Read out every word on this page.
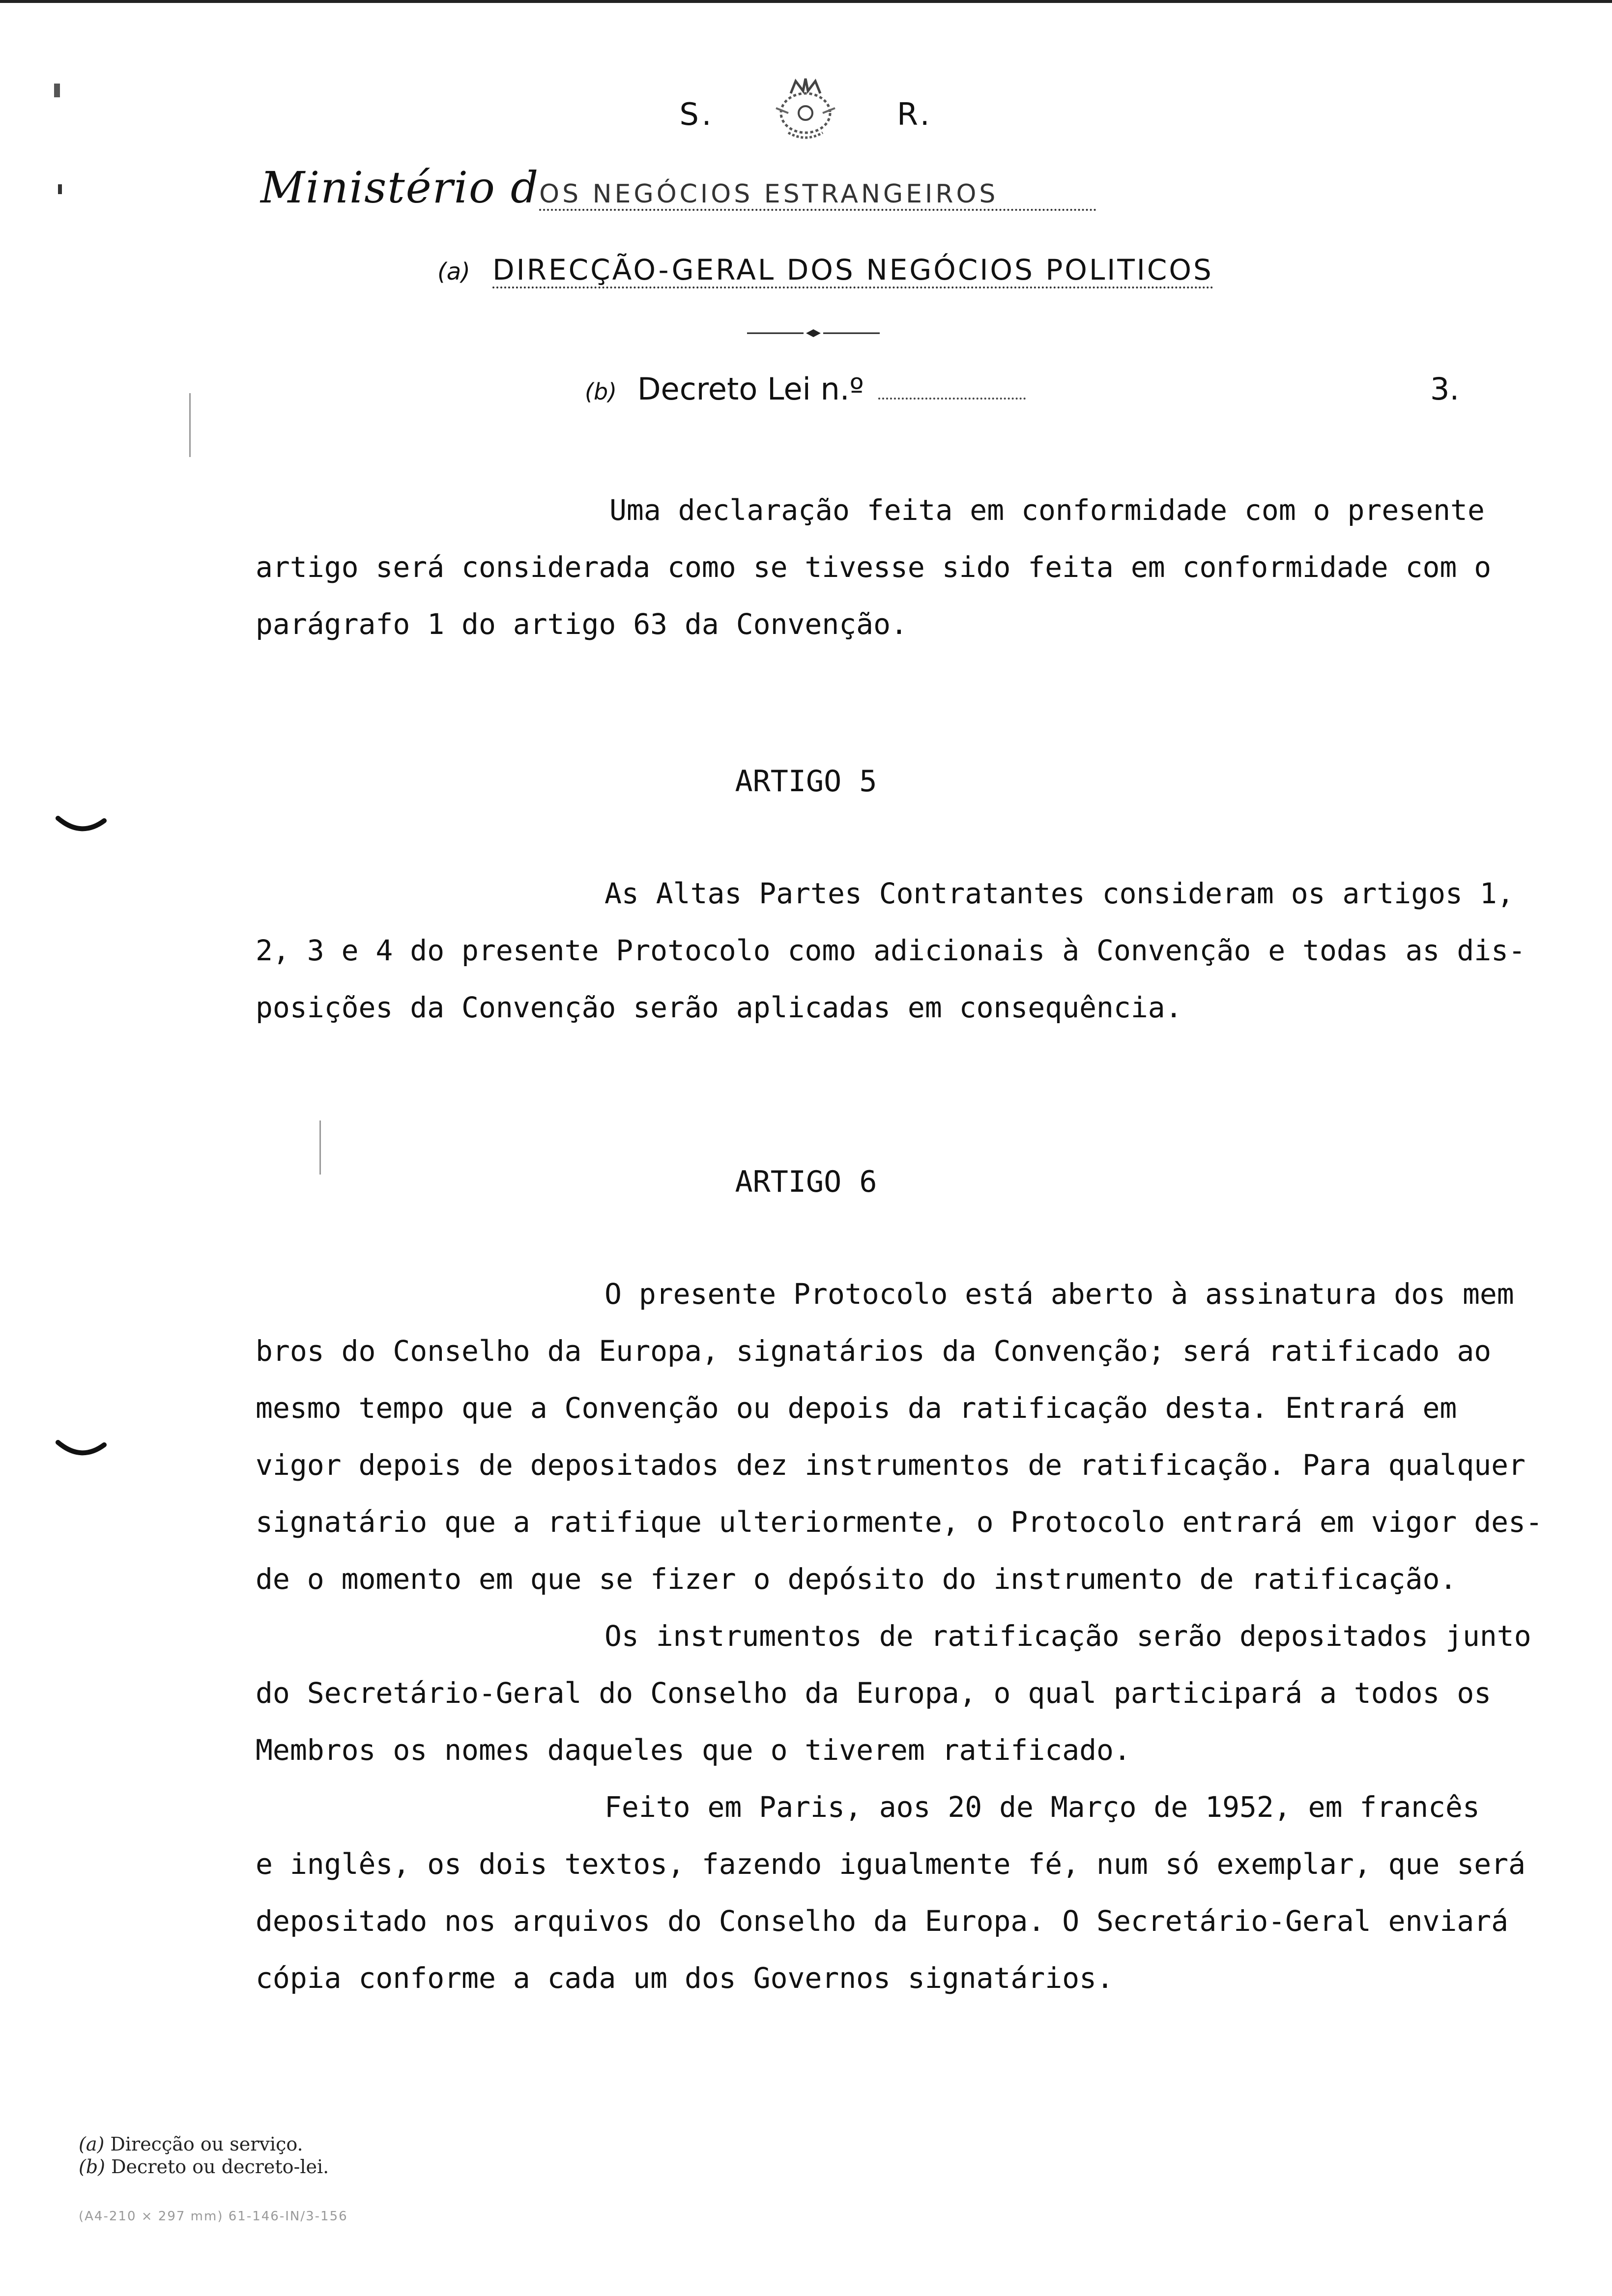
S.	R.
Ministério dOS NEGÓCIOS ESTRANGEIROS
(a) DIRECÇÃO-GERAL DOS NEGÓCIOS POLITICOS
(b) Decreto Lei n.º	3.
Uma declaração feita em conformidade com o presente
artigo será considerada como se tivesse sido feita em conformidade com o
parágrafo 1 do artigo 63 da Convenção.
ARTIGO 5
As Altas Partes Contratantes consideram os artigos 1,
2, 3 e 4 do presente Protocolo como adicionais à Convenção e todas as dis-
posições da Convenção serão aplicadas em consequência.
ARTIGO 6
O presente Protocolo está aberto à assinatura dos mem
bros do Conselho da Europa, signatários da Convenção; será ratificado ao
mesmo tempo que a Convenção ou depois da ratificação desta. Entrará em
vigor depois de depositados dez instrumentos de ratificação. Para qualquer
signatário que a ratifique ulteriormente, o Protocolo entrará em vigor des-
de o momento em que se fizer o depósito do instrumento de ratificação.
Os instrumentos de ratificação serão depositados junto
do Secretário-Geral do Conselho da Europa, o qual participará a todos os
Membros os nomes daqueles que o tiverem ratificado.
Feito em Paris, aos 20 de Março de 1952, em francês
e inglês, os dois textos, fazendo igualmente fé, num só exemplar, que será
depositado nos arquivos do Conselho da Europa. O Secretário-Geral enviará
cópia conforme a cada um dos Governos signatários.
(a) Direcção ou serviço.
(b) Decreto ou decreto-lei.
(A4-210 × 297 mm) 61-146-IN/3-156
